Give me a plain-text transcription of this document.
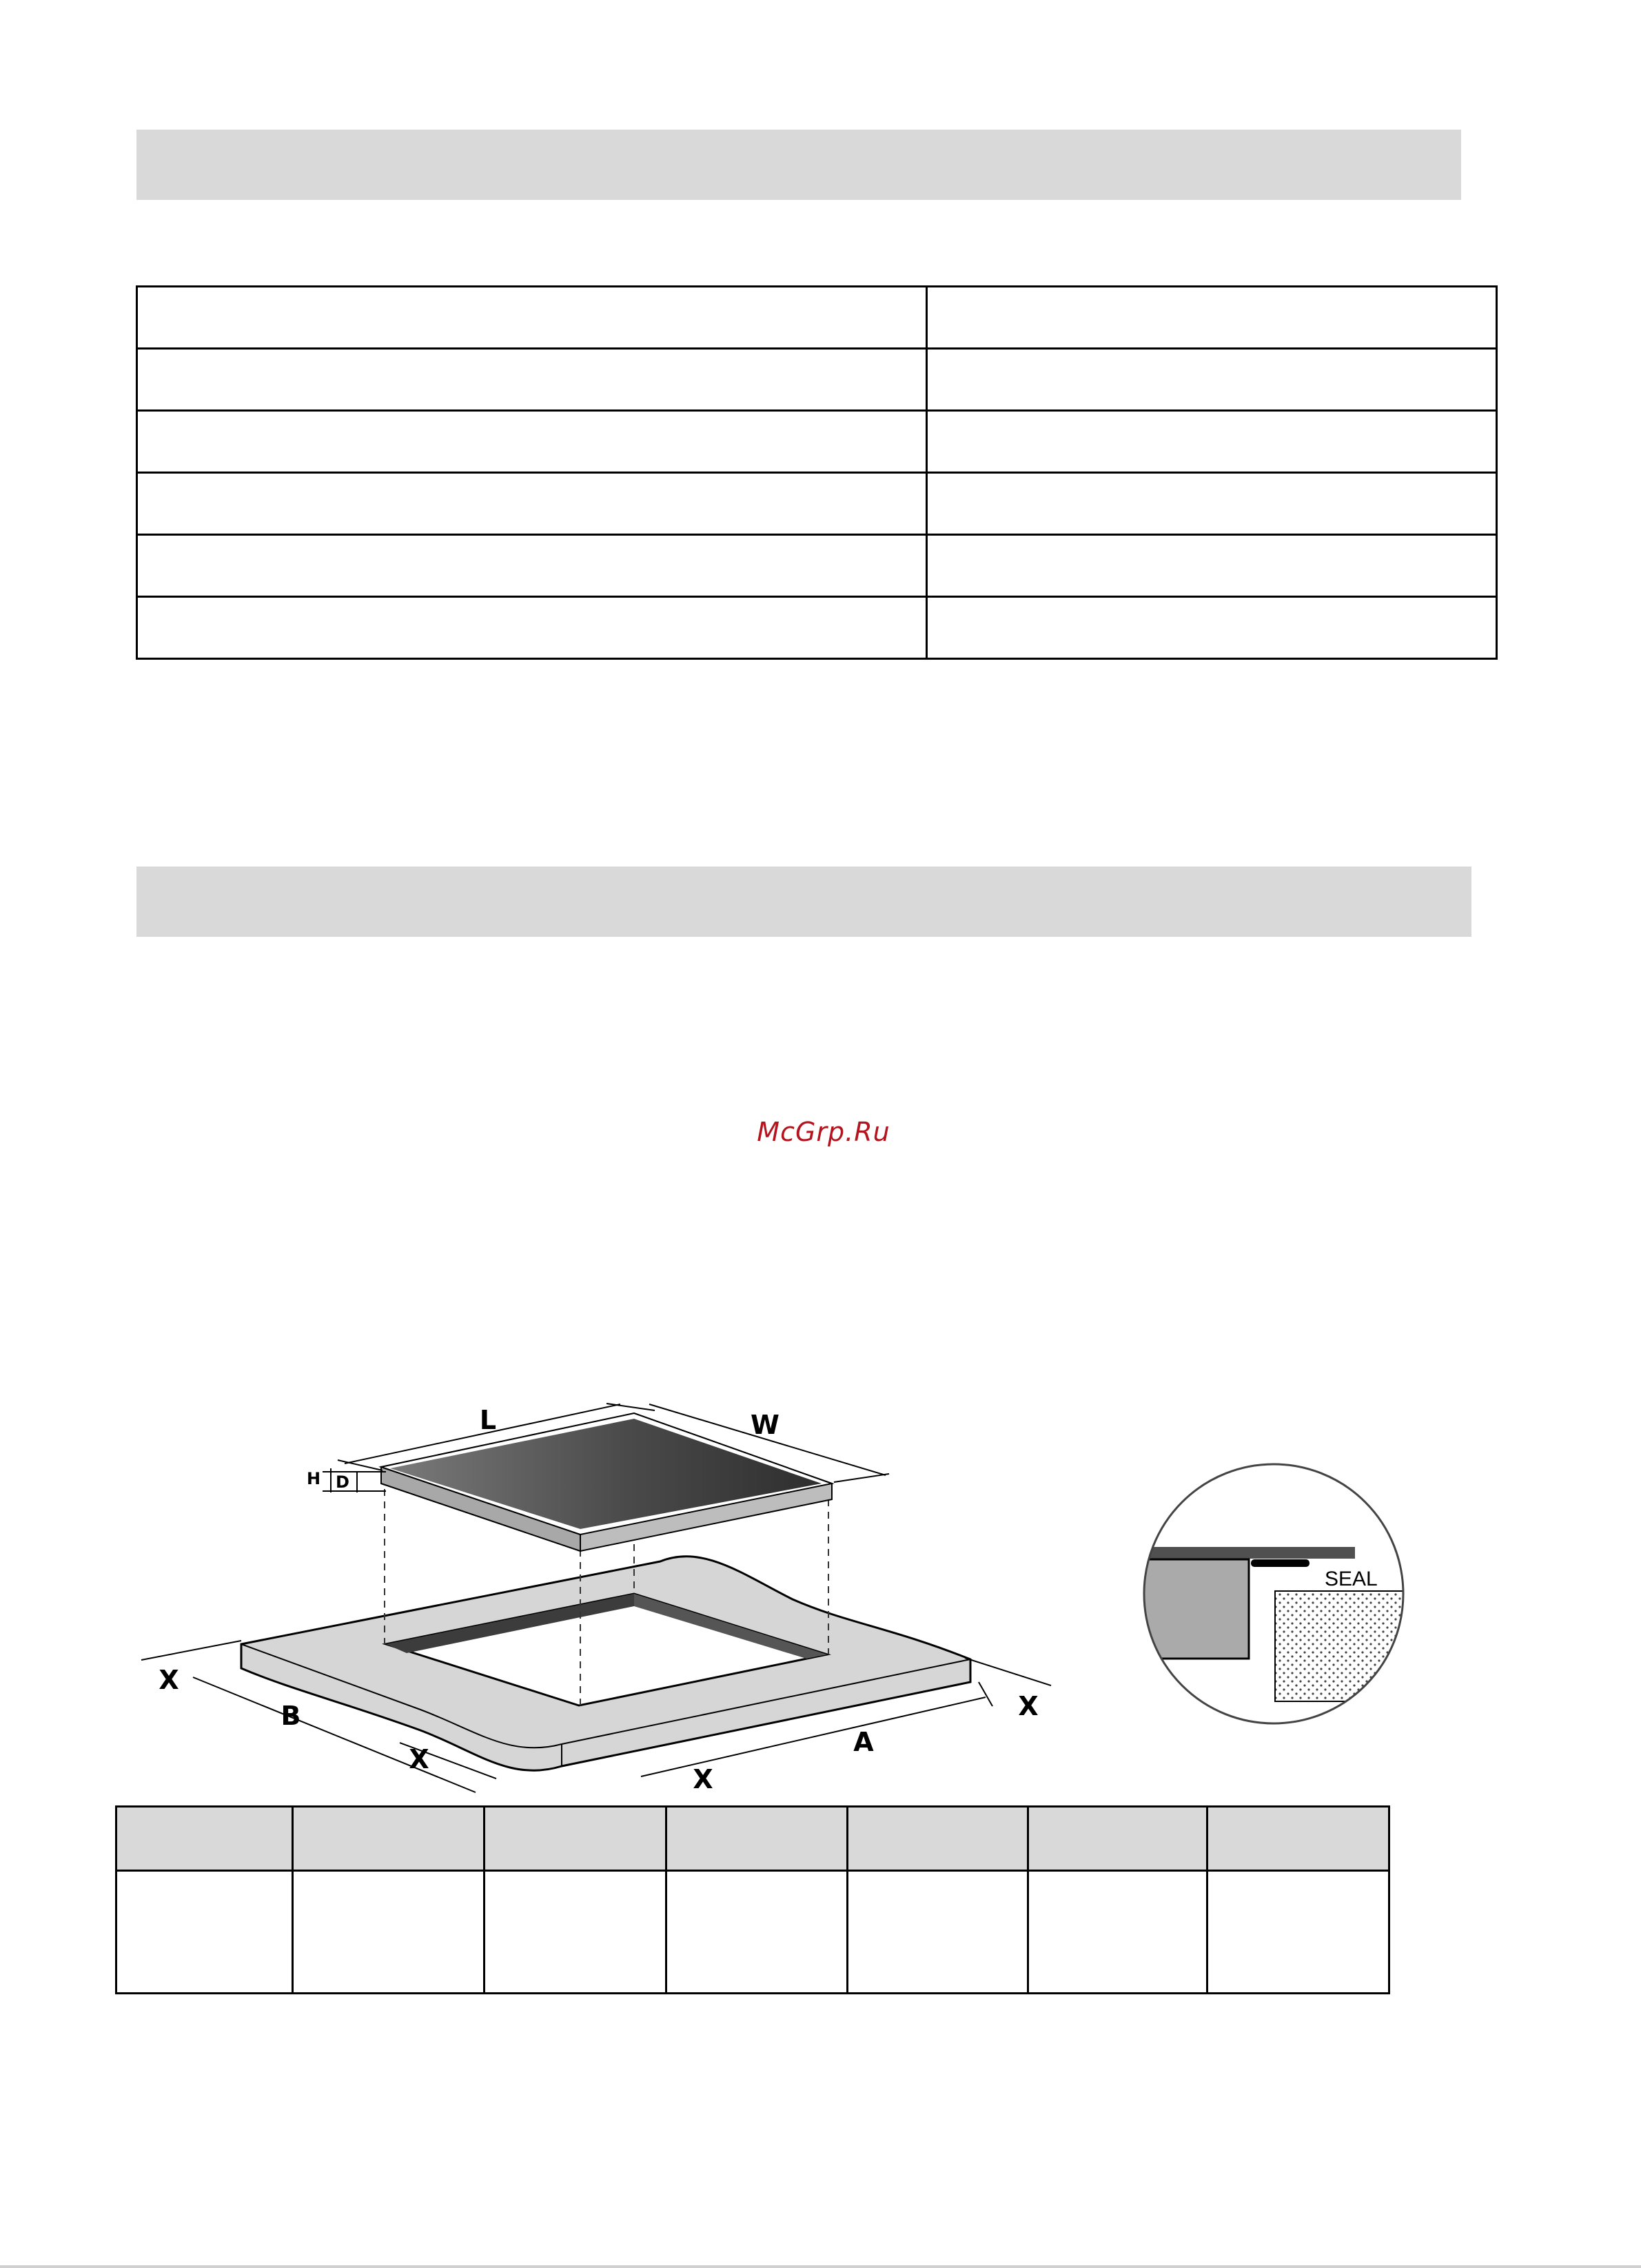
McGrp.Ru
L	W
H D
B
A
X
X
X
X
SEAL
